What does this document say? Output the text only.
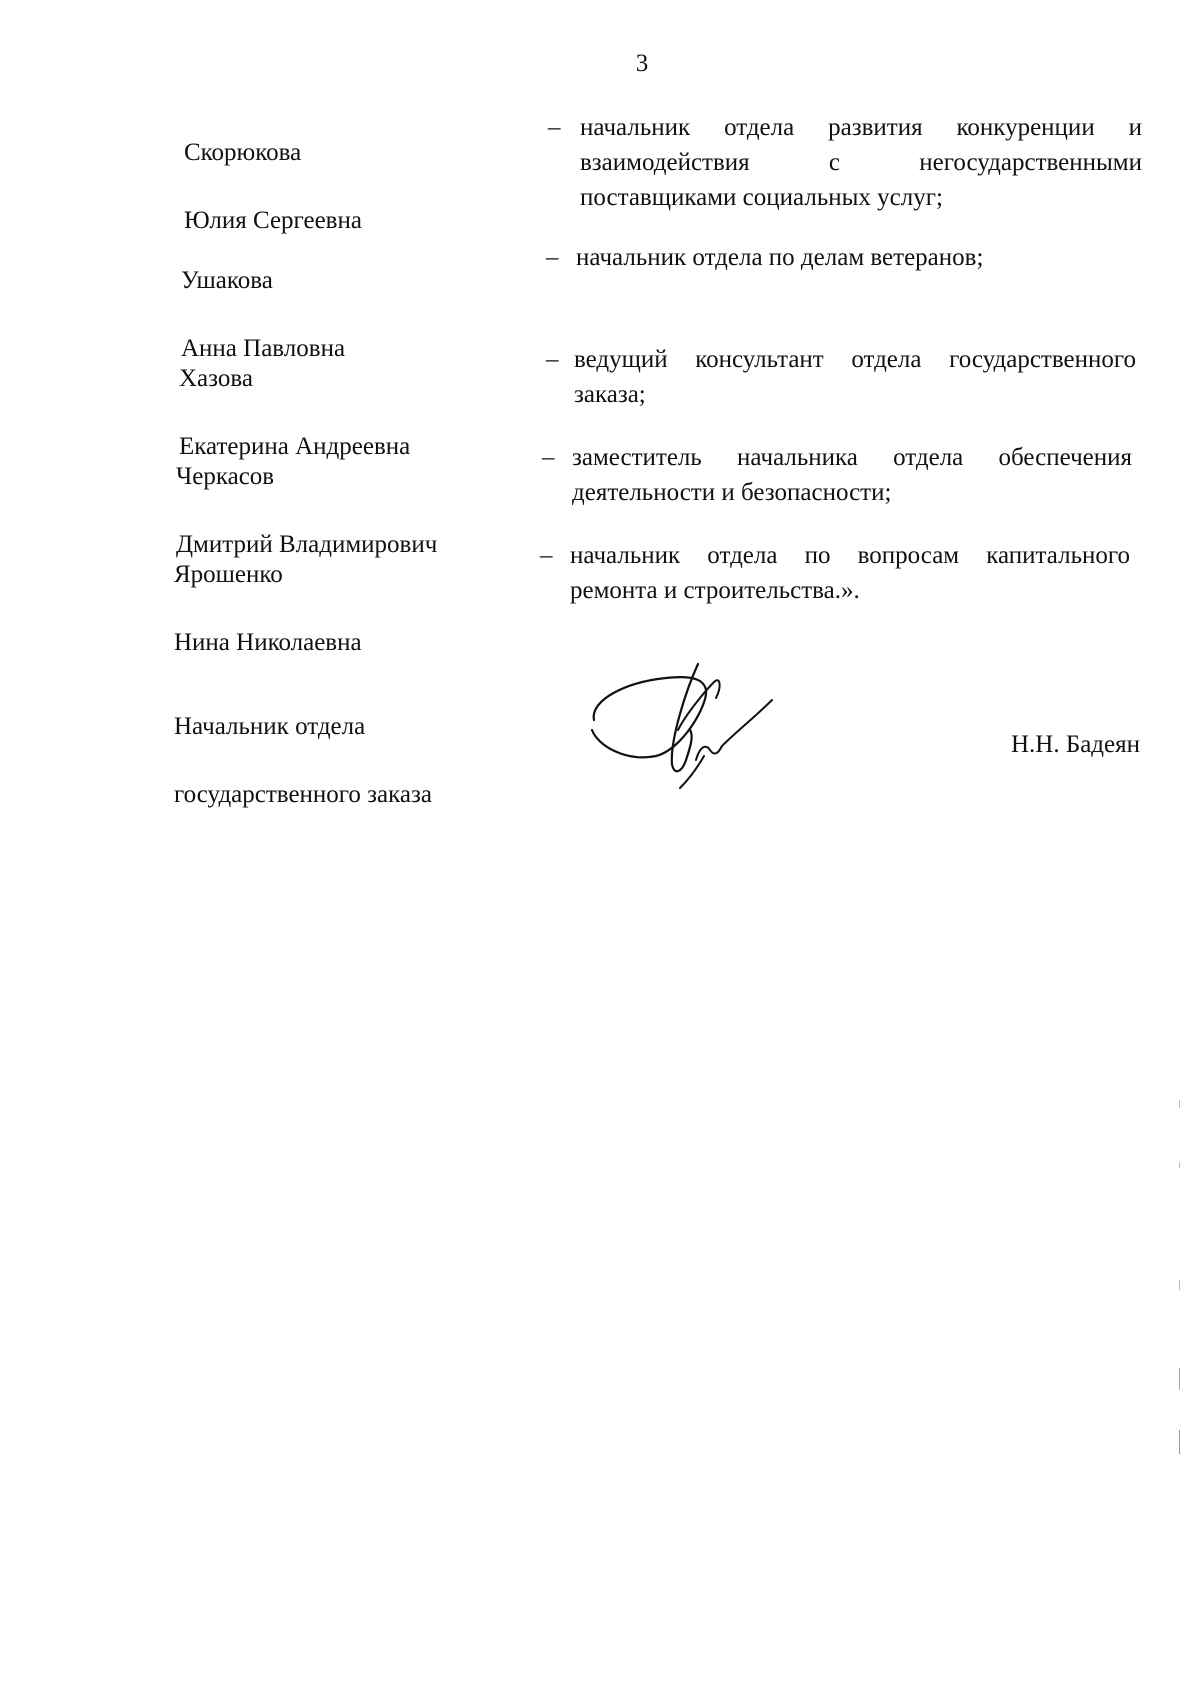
3

Скорюкова

Юлия Сергеевна

– начальник отдела развития конкуренции и взаимодействия с негосударственными поставщиками социальных услуг;

Ушакова

Анна Павловна

– начальник отдела по делам ветеранов;

Хазова

Екатерина Андреевна

– ведущий консультант отдела государственного заказа;

Черкасов

Дмитрий Владимирович

– заместитель начальника отдела обеспечения деятельности и безопасности;

Ярошенко

Нина Николаевна

– начальник отдела по вопросам капитального ремонта и строительства.».

Начальник отдела

государственного заказа

Н.Н. Бадеян
